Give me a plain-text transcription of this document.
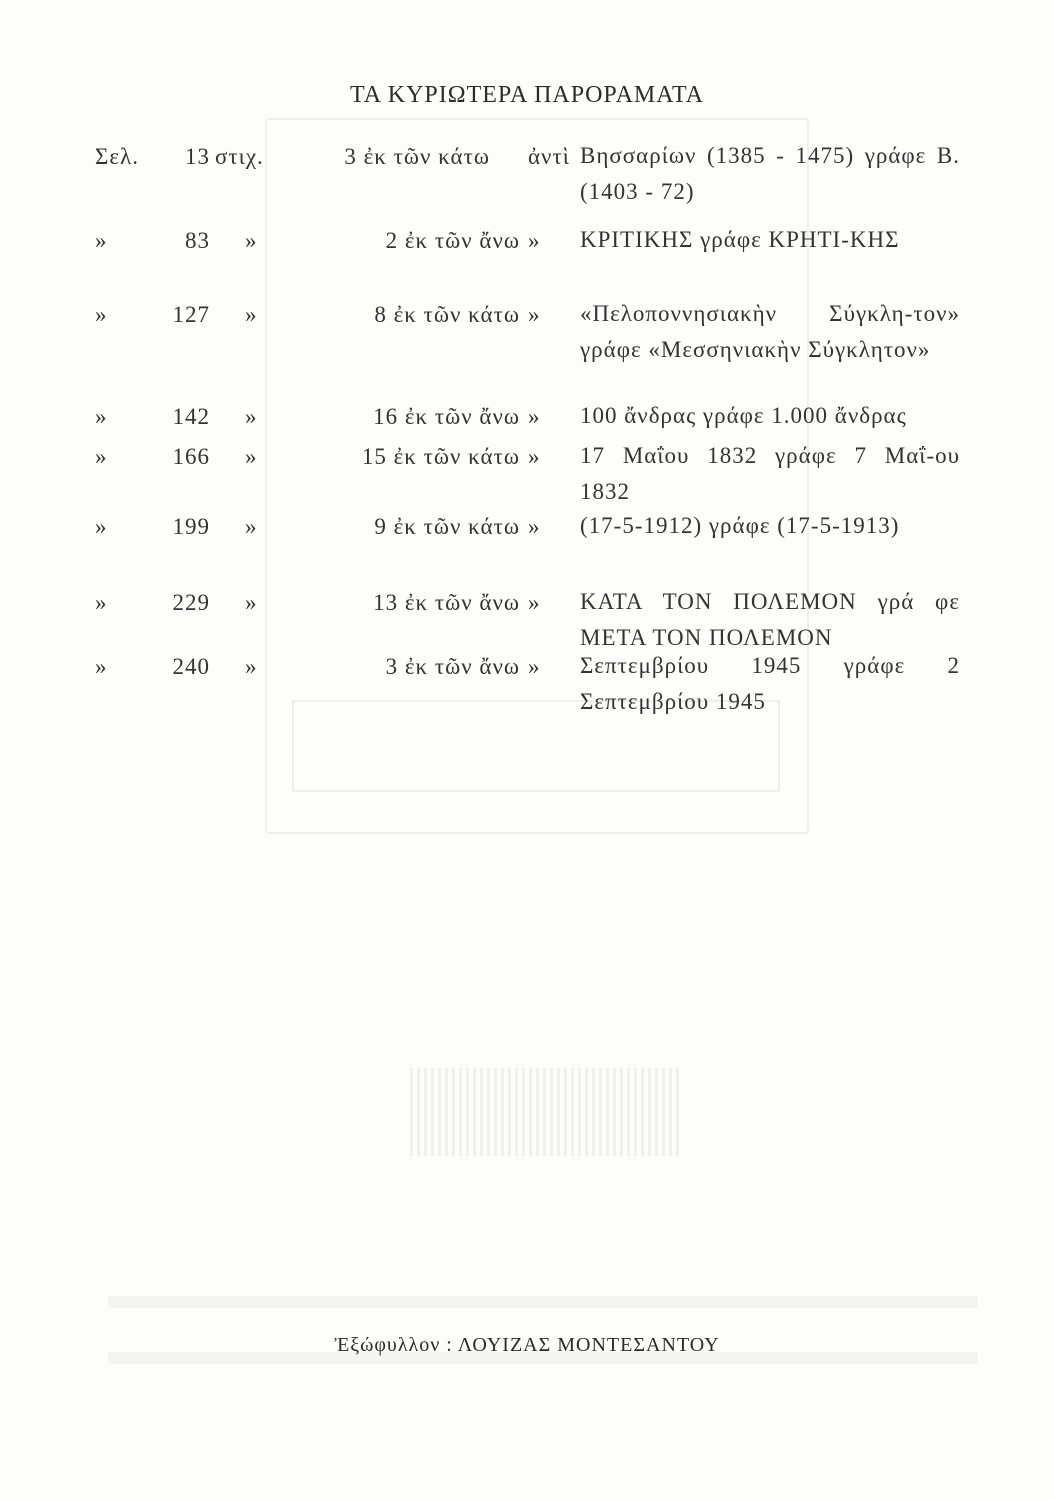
ΤΑ ΚΥΡΙΩΤΕΡΑ ΠΑΡΟΡΑΜΑΤΑ
Σελ.	13 στιχ.	3 ἐκ τῶν κάτω ἀντὶ Βησσαρίων (1385 - 1475) γράφε Β. (1403 - 72)
»	83 »	2 ἐκ τῶν ἄνω » ΚΡΙΤΙΚΗΣ γράφε ΚΡΗΤΙ-ΚΗΣ
»	127 »	8 ἐκ τῶν κάτω » «Πελοποννησιακὴν Σύγκλη-τον» γράφε «Μεσσηνιακὴν Σύγκλητον»
»	142 »	16 ἐκ τῶν ἄνω » 100 ἄνδρας γράφε 1.000 ἄνδρας
»	166 »	15 ἐκ τῶν κάτω » 17 Μαΐου 1832 γράφε 7 Μαΐ-ου 1832
»	199 »	9 ἐκ τῶν κάτω » (17-5-1912) γράφε (17-5-1913)
»	229 »	13 ἐκ τῶν ἄνω » ΚΑΤΑ ΤΟΝ ΠΟΛΕΜΟΝ γρά φε ΜΕΤΑ ΤΟΝ ΠΟΛΕΜΟΝ
»	240 »	3 ἐκ τῶν ἄνω » Σεπτεμβρίου 1945 γράφε 2 Σεπτεμβρίου 1945
Ἐξώφυλλον : ΛΟΥΙΖΑΣ ΜΟΝΤΕΣΑΝΤΟΥ
